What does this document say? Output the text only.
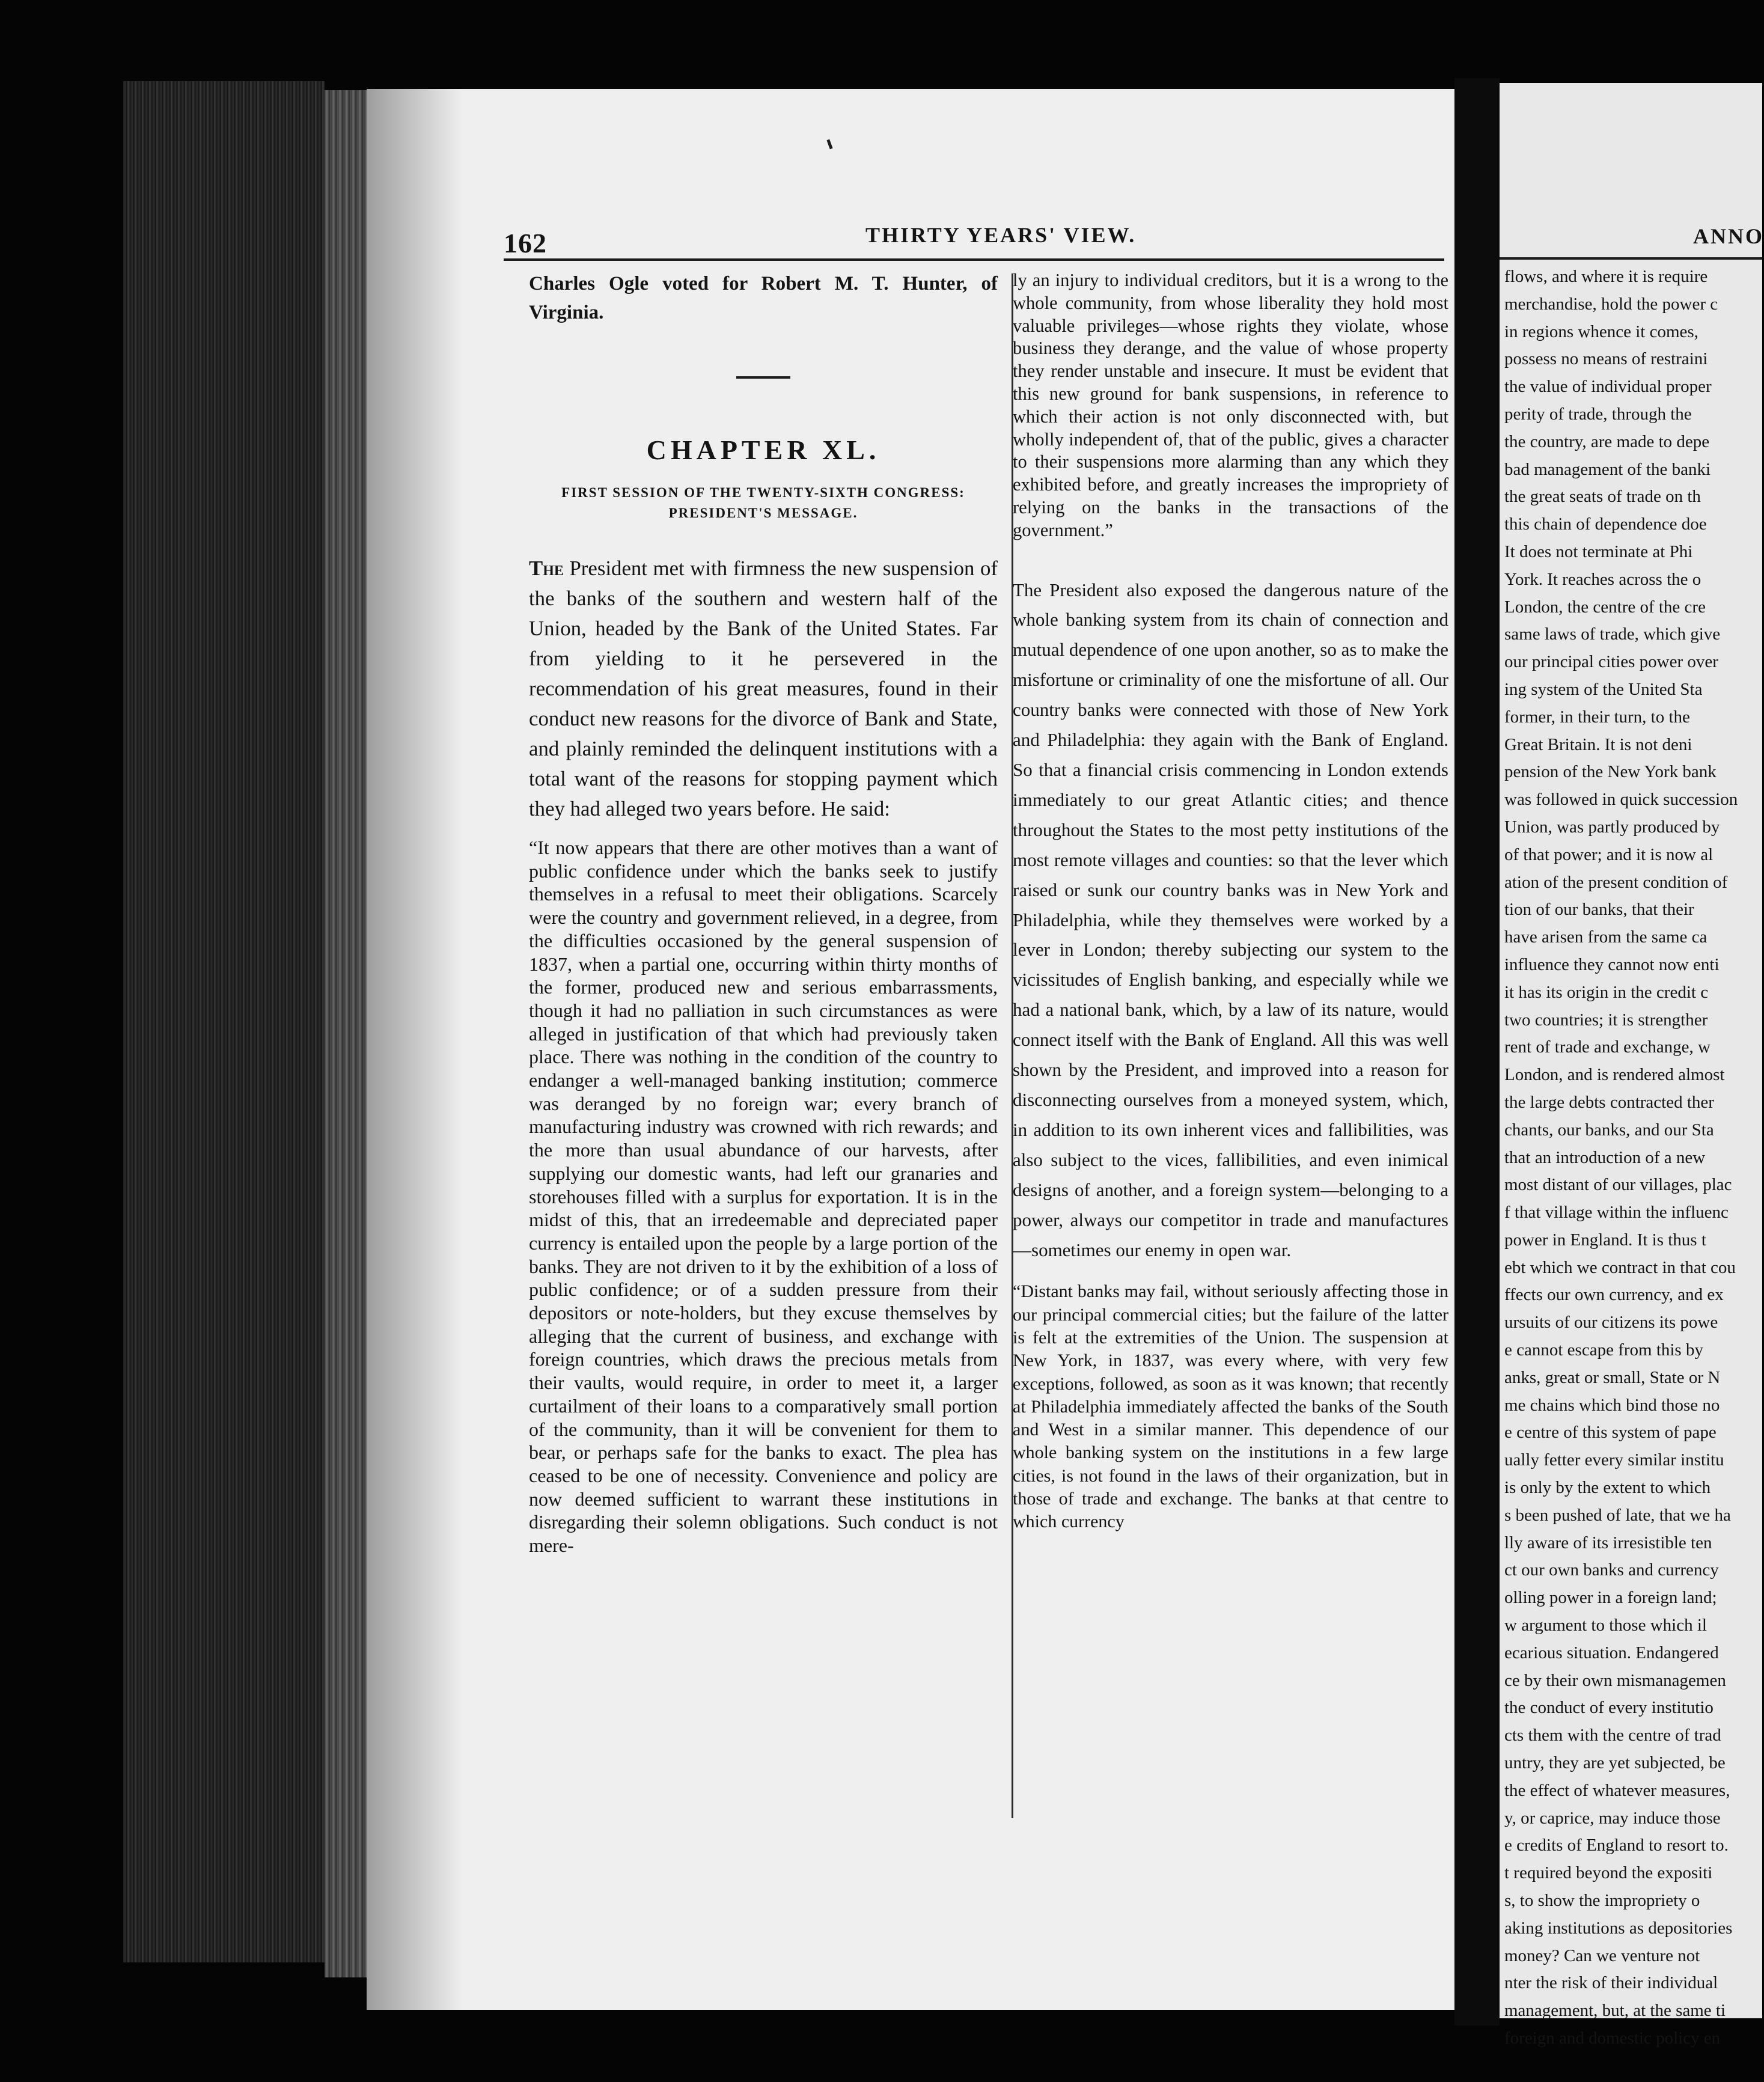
162	THIRTY YEARS' VIEW.

Charles Ogle voted for Robert M. T. Hunter, of Virginia.

CHAPTER XL.
FIRST SESSION OF THE TWENTY-SIXTH CONGRESS: PRESIDENT'S MESSAGE.

The President met with firmness the new suspension of the banks of the southern and western half of the Union, headed by the Bank of the United States. Far from yielding to it he persevered in the recommendation of his great measures, found in their conduct new reasons for the divorce of Bank and State, and plainly reminded the delinquent institutions with a total want of the reasons for stopping payment which they had alleged two years before. He said:

“It now appears that there are other motives than a want of public confidence under which the banks seek to justify themselves in a refusal to meet their obligations. Scarcely were the country and government relieved, in a degree, from the difficulties occasioned by the general suspension of 1837, when a partial one, occurring within thirty months of the former, produced new and serious embarrassments, though it had no palliation in such circumstances as were alleged in justification of that which had previously taken place. There was nothing in the condition of the country to endanger a well-managed banking institution; commerce was deranged by no foreign war; every branch of manufacturing industry was crowned with rich rewards; and the more than usual abundance of our harvests, after supplying our domestic wants, had left our granaries and storehouses filled with a surplus for exportation. It is in the midst of this, that an irredeemable and depreciated paper currency is entailed upon the people by a large portion of the banks. They are not driven to it by the exhibition of a loss of public confidence; or of a sudden pressure from their depositors or note-holders, but they excuse themselves by alleging that the current of business, and exchange with foreign countries, which draws the precious metals from their vaults, would require, in order to meet it, a larger curtailment of their loans to a comparatively small portion of the community, than it will be convenient for them to bear, or perhaps safe for the banks to exact. The plea has ceased to be one of necessity. Convenience and policy are now deemed sufficient to warrant these institutions in disregarding their solemn obligations. Such conduct is not mere-

ly an injury to individual creditors, but it is a wrong to the whole community, from whose liberality they hold most valuable privileges—whose rights they violate, whose business they derange, and the value of whose property they render unstable and insecure. It must be evident that this new ground for bank suspensions, in reference to which their action is not only disconnected with, but wholly independent of, that of the public, gives a character to their suspensions more alarming than any which they exhibited before, and greatly increases the impropriety of relying on the banks in the transactions of the government.”

The President also exposed the dangerous nature of the whole banking system from its chain of connection and mutual dependence of one upon another, so as to make the misfortune or criminality of one the misfortune of all. Our country banks were connected with those of New York and Philadelphia: they again with the Bank of England. So that a financial crisis commencing in London extends immediately to our great Atlantic cities; and thence throughout the States to the most petty institutions of the most remote villages and counties: so that the lever which raised or sunk our country banks was in New York and Philadelphia, while they themselves were worked by a lever in London; thereby subjecting our system to the vicissitudes of English banking, and especially while we had a national bank, which, by a law of its nature, would connect itself with the Bank of England. All this was well shown by the President, and improved into a reason for disconnecting ourselves from a moneyed system, which, in addition to its own inherent vices and fallibilities, was also subject to the vices, fallibilities, and even inimical designs of another, and a foreign system—belonging to a power, always our competitor in trade and manufactures—sometimes our enemy in open war.

“Distant banks may fail, without seriously affecting those in our principal commercial cities; but the failure of the latter is felt at the extremities of the Union. The suspension at New York, in 1837, was every where, with very few exceptions, followed, as soon as it was known; that recently at Philadelphia immediately affected the banks of the South and West in a similar manner. This dependence of our whole banking system on the institutions in a few large cities, is not found in the laws of their organization, but in those of trade and exchange. The banks at that centre to which currency

ANNO
flows, and where it is require
merchandise, hold the power c
in regions whence it comes,
possess no means of restraini
the value of individual proper
perity of trade, through the
the country, are made to depe
bad management of the banki
the great seats of trade on th
this chain of dependence doe
It does not terminate at Phi
York. It reaches across the o
London, the centre of the cre
same laws of trade, which give
our principal cities power over
ing system of the United Sta
former, in their turn, to the
Great Britain. It is not deni
pension of the New York bank
was followed in quick succession
Union, was partly produced by
of that power; and it is now al
ation of the present condition of
tion of our banks, that their
have arisen from the same ca
influence they cannot now enti
it has its origin in the credit c
two countries; it is strengther
rent of trade and exchange, w
London, and is rendered almost
the large debts contracted ther
chants, our banks, and our Sta
that an introduction of a new
most distant of our villages, plac
f that village within the influenc
power in England. It is thus t
ebt which we contract in that cou
ffects our own currency, and ex
ursuits of our citizens its powe
e cannot escape from this by
anks, great or small, State or N
me chains which bind those no
e centre of this system of pape
ually fetter every similar institu
is only by the extent to which
s been pushed of late, that we ha
lly aware of its irresistible ten
ct our own banks and currency
olling power in a foreign land;
w argument to those which il
ecarious situation. Endangered
ce by their own mismanagemen
the conduct of every institutio
cts them with the centre of trad
untry, they are yet subjected, be
the effect of whatever measures,
y, or caprice, may induce those
e credits of England to resort to.
t required beyond the expositi
s, to show the impropriety o
aking institutions as depositories
money? Can we venture not
nter the risk of their individual
management, but, at the same ti
foreign and domestic policy en
